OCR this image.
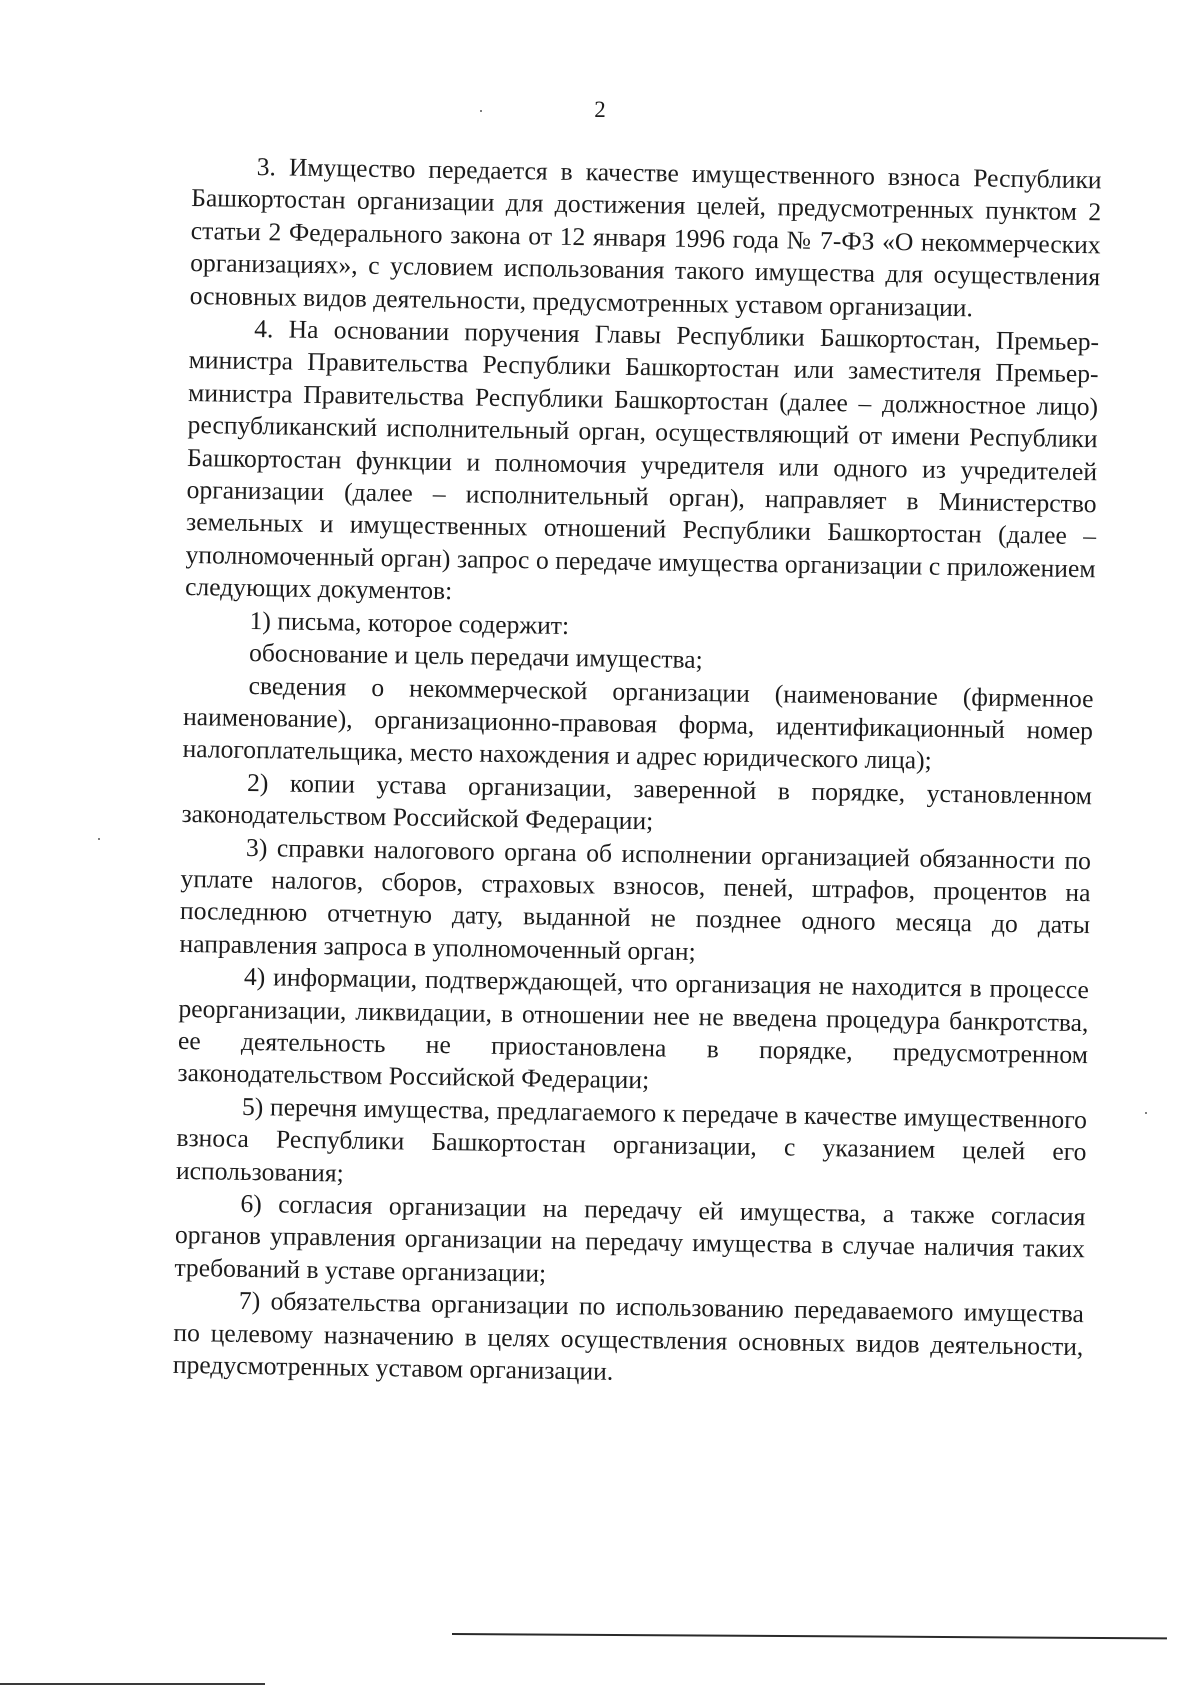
2

3. Имущество передается в качестве имущественного взноса Республики Башкортостан организации для достижения целей, предусмотренных пунктом 2 статьи 2 Федерального закона от 12 января 1996 года № 7-ФЗ «О некоммерческих организациях», с условием использования такого имущества для осуществления основных видов деятельности, предусмотренных уставом организации.

4. На основании поручения Главы Республики Башкортостан, Премьер-министра Правительства Республики Башкортостан или заместителя Премьер-министра Правительства Республики Башкортостан (далее – должностное лицо) республиканский исполнительный орган, осуществляющий от имени Республики Башкортостан функции и полномочия учредителя или одного из учредителей организации (далее – исполнительный орган), направляет в Министерство земельных и имущественных отношений Республики Башкортостан (далее – уполномоченный орган) запрос о передаче имущества организации с приложением следующих документов:

1) письма, которое содержит:

обоснование и цель передачи имущества;

сведения о некоммерческой организации (наименование (фирменное наименование), организационно-правовая форма, идентификационный номер налогоплательщика, место нахождения и адрес юридического лица);

2) копии устава организации, заверенной в порядке, установленном законодательством Российской Федерации;

3) справки налогового органа об исполнении организацией обязанности по уплате налогов, сборов, страховых взносов, пеней, штрафов, процентов на последнюю отчетную дату, выданной не позднее одного месяца до даты направления запроса в уполномоченный орган;

4) информации, подтверждающей, что организация не находится в процессе реорганизации, ликвидации, в отношении нее не введена процедура банкротства, ее деятельность не приостановлена в порядке, предусмотренном законодательством Российской Федерации;

5) перечня имущества, предлагаемого к передаче в качестве имущественного взноса Республики Башкортостан организации, с указанием целей его использования;

6) согласия организации на передачу ей имущества, а также согласия органов управления организации на передачу имущества в случае наличия таких требований в уставе организации;

7) обязательства организации по использованию передаваемого имущества по целевому назначению в целях осуществления основных видов деятельности, предусмотренных уставом организации.
